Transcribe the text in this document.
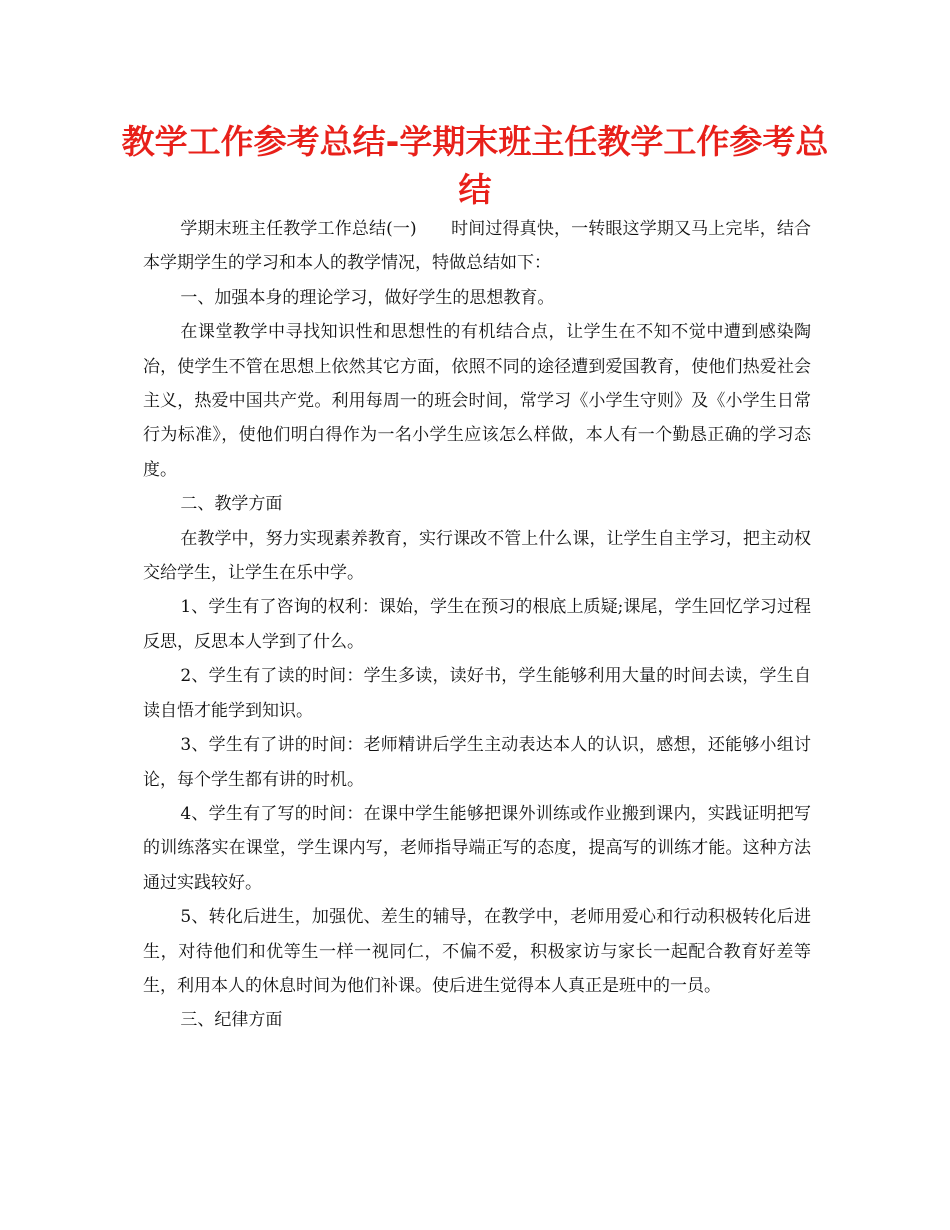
教学工作参考总结-学期末班主任教学工作参考总结

学期末班主任教学工作总结(一)　　时间过得真快，一转眼这学期又马上完毕，结合本学期学生的学习和本人的教学情况，特做总结如下：

一、加强本身的理论学习，做好学生的思想教育。

在课堂教学中寻找知识性和思想性的有机结合点，让学生在不知不觉中遭到感染陶冶，使学生不管在思想上依然其它方面，依照不同的途径遭到爱国教育，使他们热爱社会主义，热爱中国共产党。利用每周一的班会时间，常学习《小学生守则》及《小学生日常行为标准》，使他们明白得作为一名小学生应该怎么样做，本人有一个勤恳正确的学习态度。

二、教学方面

在教学中，努力实现素养教育，实行课改不管上什么课，让学生自主学习，把主动权交给学生，让学生在乐中学。

1、学生有了咨询的权利：课始，学生在预习的根底上质疑;课尾，学生回忆学习过程反思，反思本人学到了什么。

2、学生有了读的时间：学生多读，读好书，学生能够利用大量的时间去读，学生自读自悟才能学到知识。

3、学生有了讲的时间：老师精讲后学生主动表达本人的认识，感想，还能够小组讨论，每个学生都有讲的时机。

4、学生有了写的时间：在课中学生能够把课外训练或作业搬到课内，实践证明把写的训练落实在课堂，学生课内写，老师指导端正写的态度，提高写的训练才能。这种方法通过实践较好。

5、转化后进生，加强优、差生的辅导，在教学中，老师用爱心和行动积极转化后进生，对待他们和优等生一样一视同仁，不偏不爱，积极家访与家长一起配合教育好差等生，利用本人的休息时间为他们补课。使后进生觉得本人真正是班中的一员。

三、纪律方面
